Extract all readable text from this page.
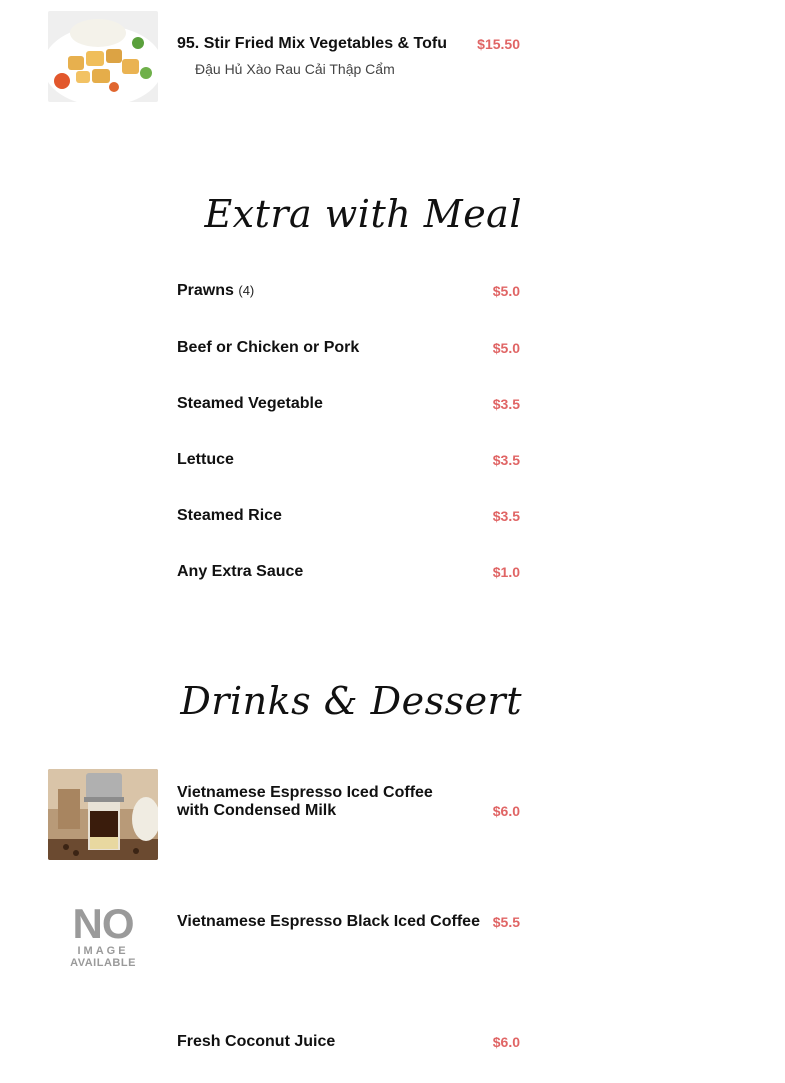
95. Stir Fried Mix Vegetables & Tofu $15.50
Đậu Hủ Xào Rau Cải Thập Cẩm
Extra with Meal
Prawns (4)	$5.0
Beef or Chicken or Pork	$5.0
Steamed Vegetable	$3.5
Lettuce	$3.5
Steamed Rice	$3.5
Any Extra Sauce	$1.0
Drinks & Dessert
Vietnamese Espresso Iced Coffee with Condensed Milk	$6.0
NO
IMAGE
AVAILABLE
Vietnamese Espresso Black Iced Coffee $5.5
Fresh Coconut Juice	$6.0
